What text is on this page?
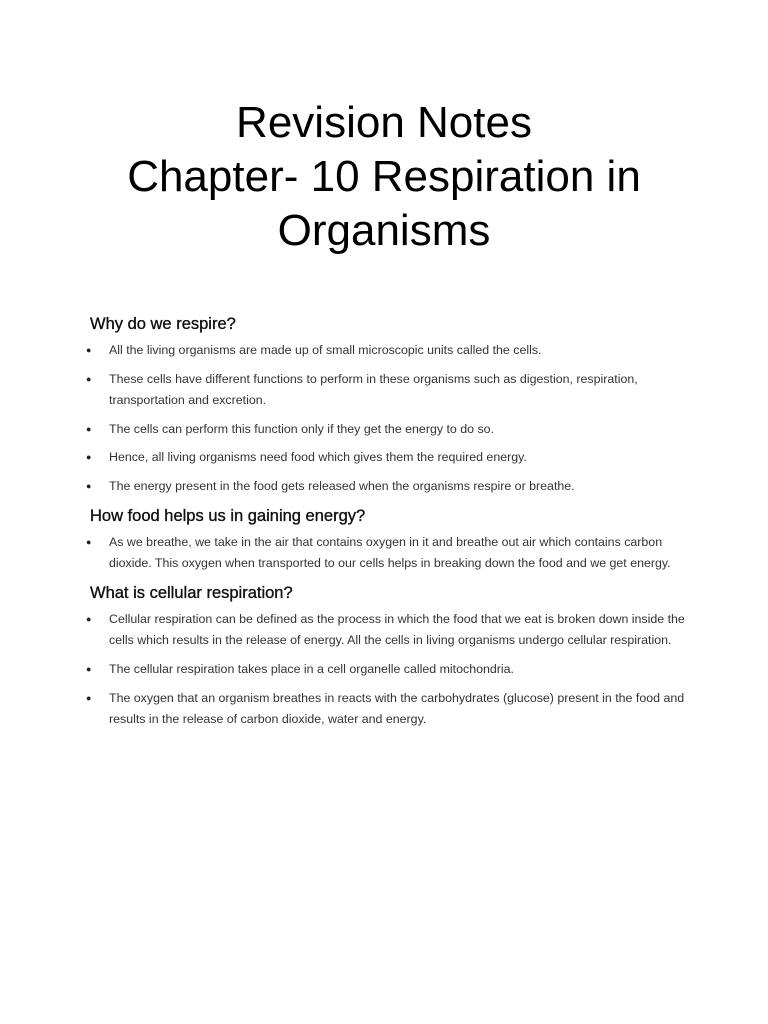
Revision Notes
Chapter- 10 Respiration in
Organisms
Why do we respire?
● All the living organisms are made up of small microscopic units called the cells.
● These cells have different functions to perform in these organisms such as digestion, respiration, transportation and excretion.
● The cells can perform this function only if they get the energy to do so.
● Hence, all living organisms need food which gives them the required energy.
● The energy present in the food gets released when the organisms respire or breathe.
How food helps us in gaining energy?
● As we breathe, we take in the air that contains oxygen in it and breathe out air which contains carbon dioxide. This oxygen when transported to our cells helps in breaking down the food and we get energy.
What is cellular respiration?
● Cellular respiration can be defined as the process in which the food that we eat is broken down inside the cells which results in the release of energy. All the cells in living organisms undergo cellular respiration.
● The cellular respiration takes place in a cell organelle called mitochondria.
● The oxygen that an organism breathes in reacts with the carbohydrates (glucose) present in the food and results in the release of carbon dioxide, water and energy.
